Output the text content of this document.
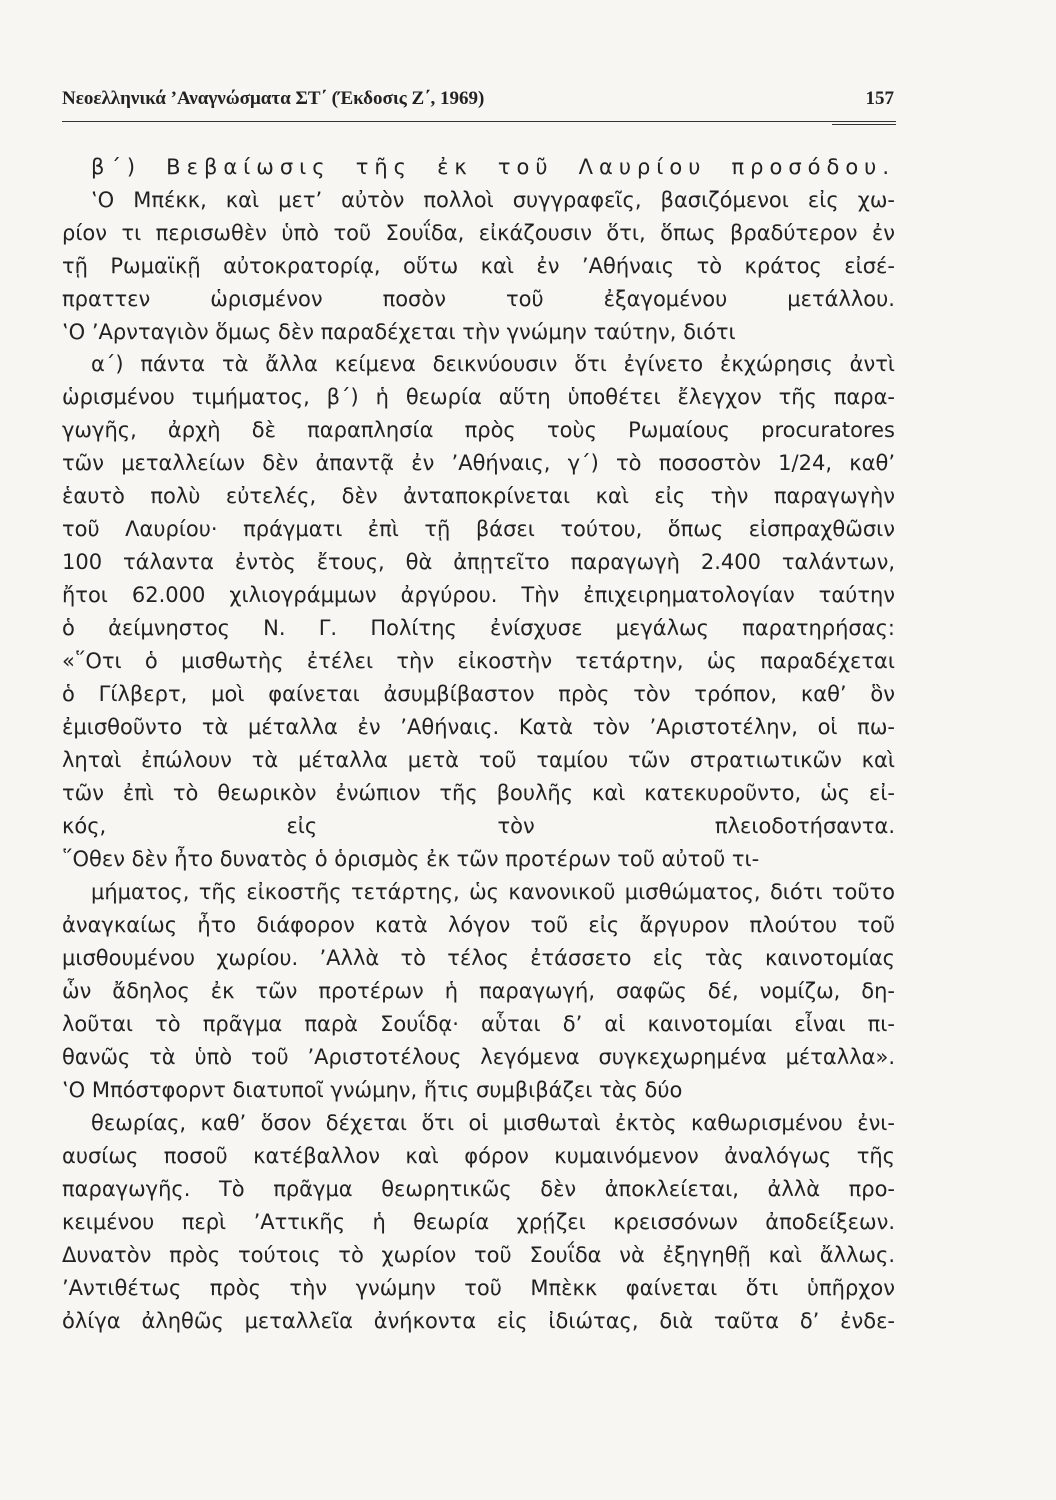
Νεοελληνικά ’Αναγνώσματα ΣΤ΄ (Έκδοσις Ζ΄, 1969)	157
β΄) Βεβαίωσις τῆς ἐκ τοῦ Λαυρίου προσόδου.
‛Ο Μπέκκ, καὶ μετ’ αὐτὸν πολλοὶ συγγραφεῖς, βασιζόμενοι εἰς χω-
ρίον τι περισωθὲν ὑπὸ τοῦ Σουΐδα, εἰκάζουσιν ὅτι, ὅπως βραδύτερον ἐν
τῇ Ρωμαϊκῇ αὐτοκρατορίᾳ, οὕτω καὶ ἐν ’Αθήναις τὸ κράτος εἰσέ-
πραττεν ὡρισμένον ποσὸν τοῦ ἐξαγομένου μετάλλου.
‛Ο ’Αρνταγιὸν ὅμως δὲν παραδέχεται τὴν γνώμην ταύτην, διότι
α΄) πάντα τὰ ἄλλα κείμενα δεικνύουσιν ὅτι ἐγίνετο ἐκχώρησις ἀντὶ
ὡρισμένου τιμήματος, β΄) ἡ θεωρία αὕτη ὑποθέτει ἔλεγχον τῆς παρα-
γωγῆς, ἀρχὴ δὲ παραπλησία πρὸς τοὺς Ρωμαίους procuratores
τῶν μεταλλείων δὲν ἀπαντᾷ ἐν ’Αθήναις, γ΄) τὸ ποσοστὸν 1/24, καθ’
ἑαυτὸ πολὺ εὐτελές, δὲν ἀνταποκρίνεται καὶ εἰς τὴν παραγωγὴν
τοῦ Λαυρίου· πράγματι ἐπὶ τῇ βάσει τούτου, ὅπως εἰσπραχθῶσιν
100 τάλαντα ἐντὸς ἔτους, θὰ ἀπῃτεῖτο παραγωγὴ 2.400 ταλάντων,
ἤτοι 62.000 χιλιογράμμων ἀργύρου. Τὴν ἐπιχειρηματολογίαν ταύτην
ὁ ἀείμνηστος Ν. Γ. Πολίτης ἐνίσχυσε μεγάλως παρατηρήσας:
«῞Οτι ὁ μισθωτὴς ἐτέλει τὴν εἰκοστὴν τετάρτην, ὡς παραδέχεται
ὁ Γίλβερτ, μοὶ φαίνεται ἀσυμβίβαστον πρὸς τὸν τρόπον, καθ’ ὃν
ἐμισθοῦντο τὰ μέταλλα ἐν ’Αθήναις. Κατὰ τὸν ’Αριστοτέλην, οἱ πω-
ληταὶ ἐπώλουν τὰ μέταλλα μετὰ τοῦ ταμίου τῶν στρατιωτικῶν καὶ
τῶν ἐπὶ τὸ θεωρικὸν ἐνώπιον τῆς βουλῆς καὶ κατεκυροῦντο, ὡς εἰ-
κός, εἰς τὸν πλειοδοτήσαντα.
῞Οθεν δὲν ἦτο δυνατὸς ὁ ὁρισμὸς ἐκ τῶν προτέρων τοῦ αὐτοῦ τι-
μήματος, τῆς εἰκοστῆς τετάρτης, ὡς κανονικοῦ μισθώματος, διότι τοῦτο
ἀναγκαίως ἦτο διάφορον κατὰ λόγον τοῦ εἰς ἄργυρον πλούτου τοῦ
μισθουμένου χωρίου. ’Αλλὰ τὸ τέλος ἐτάσσετο εἰς τὰς καινοτομίας
ὧν ἄδηλος ἐκ τῶν προτέρων ἡ παραγωγή, σαφῶς δέ, νομίζω, δη-
λοῦται τὸ πρᾶγμα παρὰ Σουΐδᾳ· αὗται δ’ αἱ καινοτομίαι εἶναι πι-
θανῶς τὰ ὑπὸ τοῦ ’Αριστοτέλους λεγόμενα συγκεχωρημένα μέταλλα».
‛Ο Μπόστφορντ διατυποῖ γνώμην, ἥτις συμβιβάζει τὰς δύο
θεωρίας, καθ’ ὅσον δέχεται ὅτι οἱ μισθωταὶ ἐκτὸς καθωρισμένου ἐνι-
αυσίως ποσοῦ κατέβαλλον καὶ φόρον κυμαινόμενον ἀναλόγως τῆς
παραγωγῆς. Τὸ πρᾶγμα θεωρητικῶς δὲν ἀποκλείεται, ἀλλὰ προ-
κειμένου περὶ ’Αττικῆς ἡ θεωρία χρῄζει κρεισσόνων ἀποδείξεων.
Δυνατὸν πρὸς τούτοις τὸ χωρίον τοῦ Σουΐδα νὰ ἐξηγηθῇ καὶ ἄλλως.
’Αντιθέτως πρὸς τὴν γνώμην τοῦ Μπὲκκ φαίνεται ὅτι ὑπῆρχον
ὀλίγα ἀληθῶς μεταλλεῖα ἀνήκοντα εἰς ἰδιώτας, διὰ ταῦτα δ’ ἐνδε-
